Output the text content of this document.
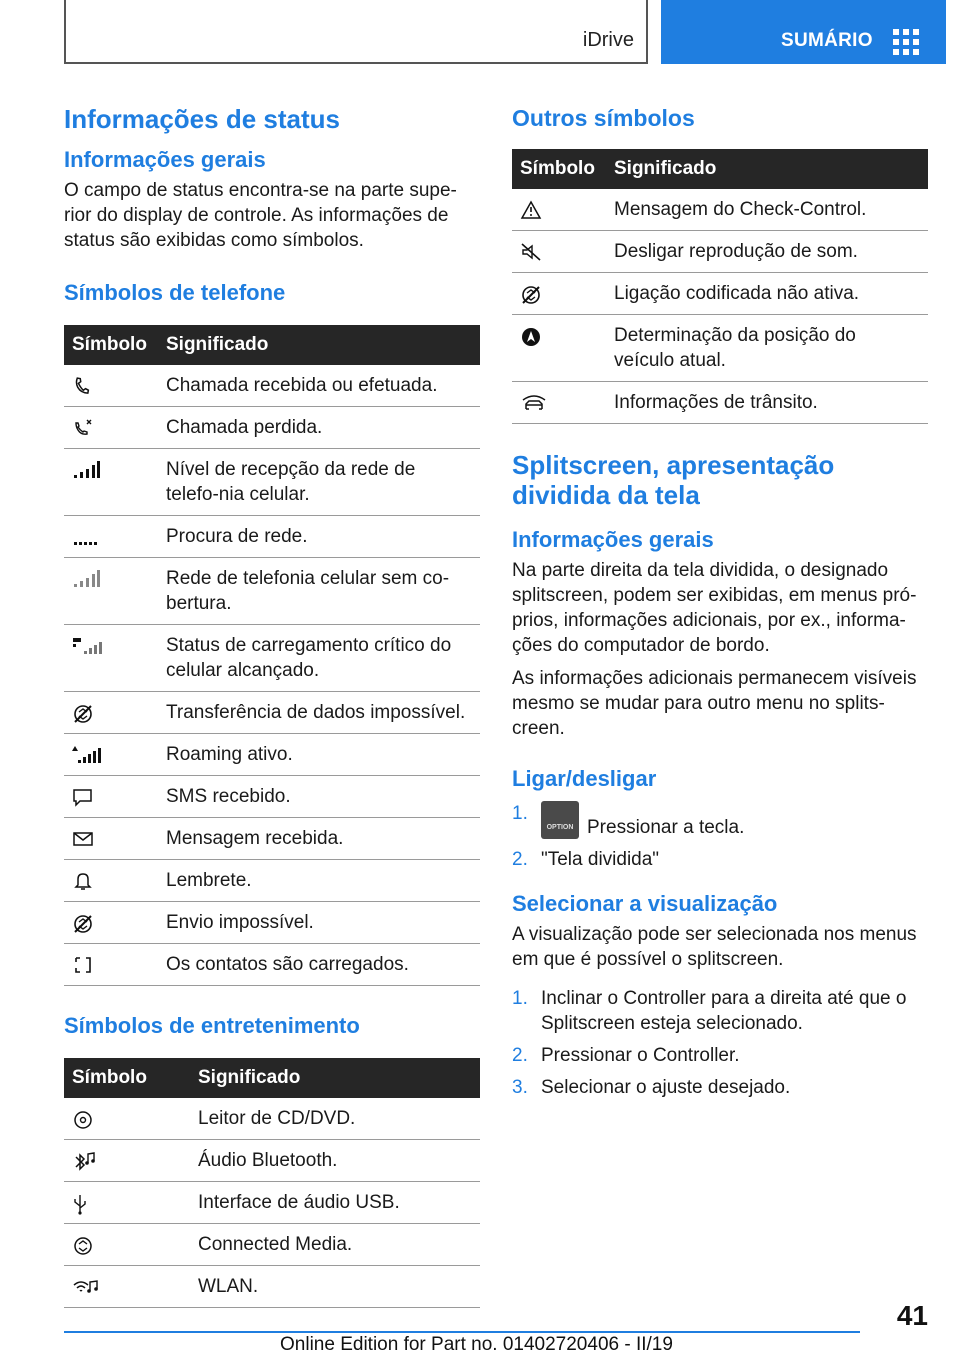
iDrive	SUMÁRIO
Informações de status
Informações gerais

O campo de status encontra-se na parte supe-rior do display de controle. As informações de status são exibidas como símbolos.

Símbolos de telefone
Símbolo	Significado

	Chamada recebida ou efetuada.

	Chamada perdida.

	Nível de recepção da rede de telefo-nia celular.

	Procura de rede.

	Rede de telefonia celular sem co-bertura.

	Status de carregamento crítico do celular alcançado.

	Transferência de dados impossível.

	Roaming ativo.

	SMS recebido.

	Mensagem recebida.

	Lembrete.

	Envio impossível.

	Os contatos são carregados.
Símbolos de entretenimento
Símbolo	Significado

	Leitor de CD/DVD.

	Áudio Bluetooth.

	Interface de áudio USB.

	Connected Media.

	WLAN.
Outros símbolos
Símbolo	Significado

	Mensagem do Check-Control.

	Desligar reprodução de som.

	Ligação codificada não ativa.

	Determinação da posição do veículo atual.

	Informações de trânsito.
Splitscreen, apresentação dividida da tela
Informações gerais

Na parte direita da tela dividida, o designado splitscreen, podem ser exibidas, em menus pró-prios, informações adicionais, por ex., informa-ções do computador de bordo.

As informações adicionais permanecem visíveis mesmo se mudar para outro menu no splits-creen.

Ligar/desligar
1.
OPTION Pressionar a tecla.
2. "Tela dividida"
Selecionar a visualização

A visualização pode ser selecionada nos menus em que é possível o splitscreen.

1. Inclinar o Controller para a direita até que o Splitscreen esteja selecionado.
2. Pressionar o Controller.
3. Selecionar o ajuste desejado.
41
Online Edition for Part no. 01402720406 - II/19
